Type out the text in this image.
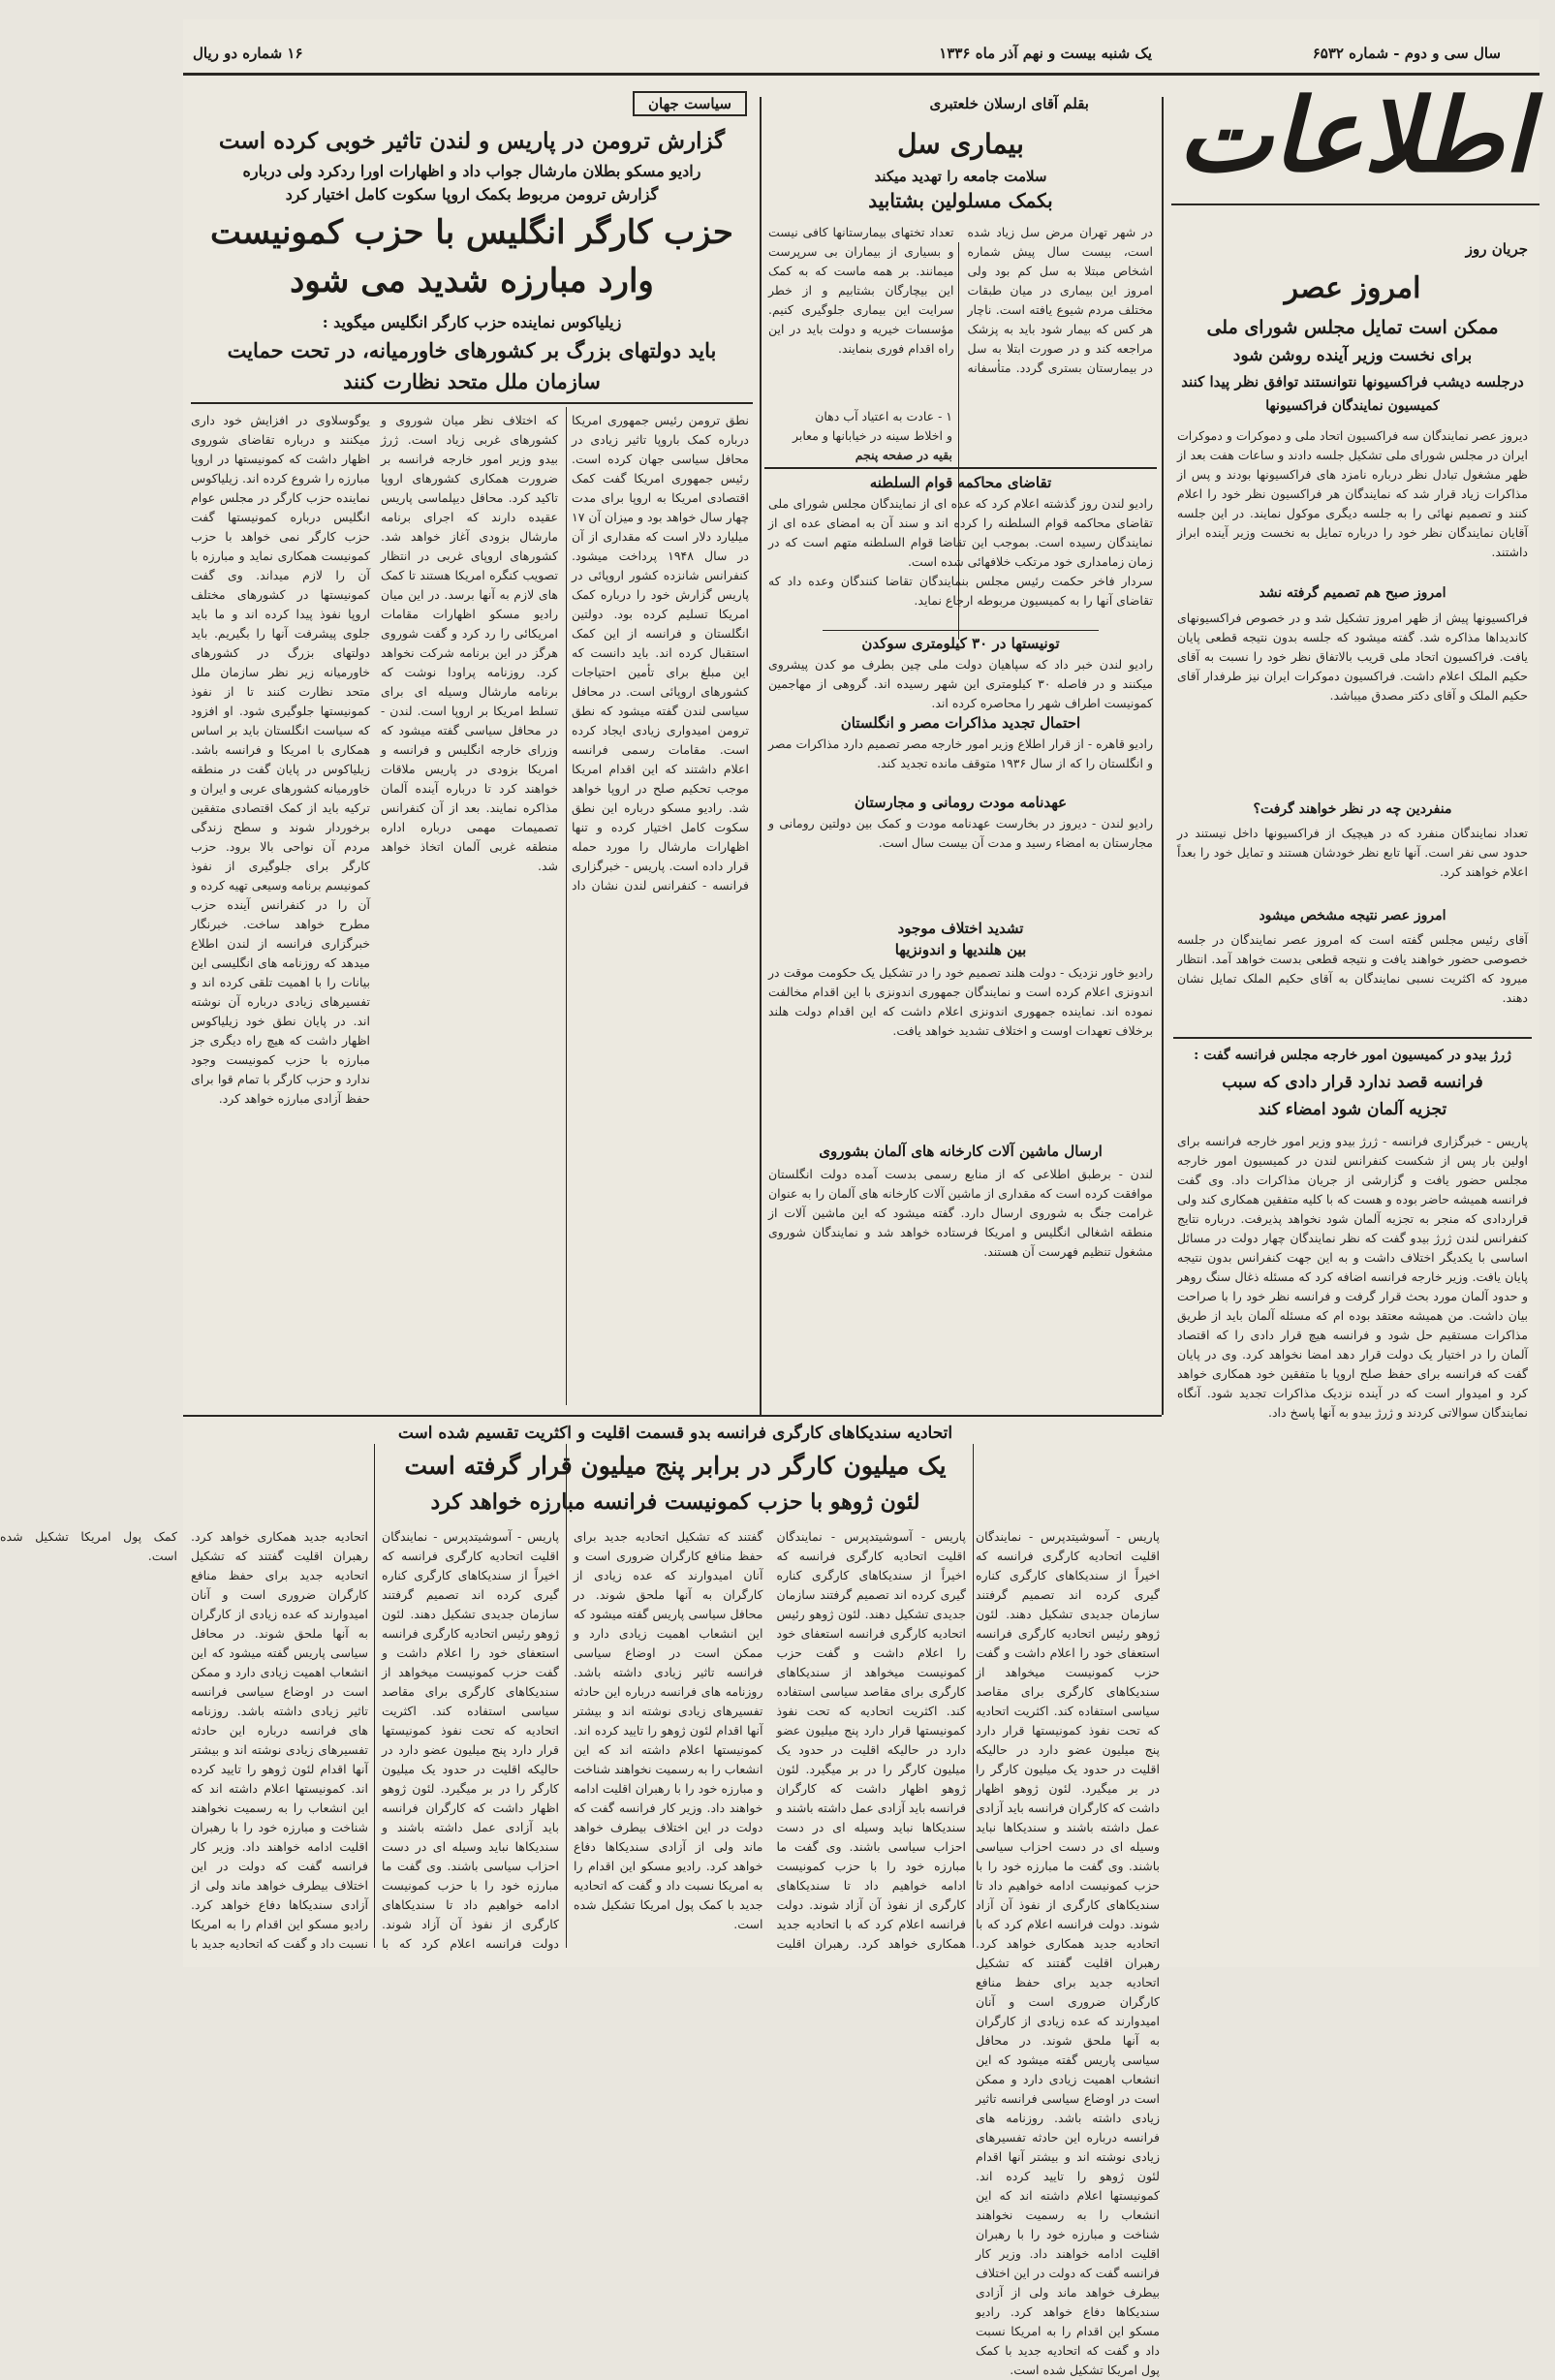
سال سی و دوم - شماره ۶۵۳۲
یک شنبه بیست و نهم آذر ماه ۱۳۳۶
۱۶ شماره دو ریال
اطلاعات
جریان روز
امروز عصر
ممکن است تمایل مجلس شورای ملی
برای نخست وزیر آینده روشن شود
درجلسه دیشب فراکسیونها نتوانستند توافق نظر پیدا کنند
کمیسیون نمایندگان فراکسیونها
دیروز عصر نمایندگان سه فراکسیون اتحاد ملی و دموکرات و دموکرات ایران در مجلس شورای ملی تشکیل جلسه دادند و ساعات هفت بعد از ظهر مشغول تبادل نظر درباره نامزد های فراکسیونها بودند و پس از مذاکرات زیاد قرار شد که نمایندگان هر فراکسیون نظر خود را اعلام کنند و تصمیم نهائی را به جلسه دیگری موکول نمایند. در این جلسه آقایان نمایندگان نظر خود را درباره تمایل به نخست وزیر آینده ابراز داشتند.
امروز صبح هم تصمیم گرفته نشد
فراکسیونها پیش از ظهر امروز تشکیل شد و در خصوص فراکسیونهای کاندیداها مذاکره شد. گفته میشود که جلسه بدون نتیجه قطعی پایان یافت. فراکسیون اتحاد ملی قریب بالاتفاق نظر خود را نسبت به آقای حکیم الملک اعلام داشت. فراکسیون دموکرات ایران نیز طرفدار آقای حکیم الملک و آقای دکتر مصدق میباشد.
منفردین چه در نظر خواهند گرفت؟
تعداد نمایندگان منفرد که در هیچیک از فراکسیونها داخل نیستند در حدود سی نفر است. آنها تابع نظر خودشان هستند و تمایل خود را بعداً اعلام خواهند کرد.
امروز عصر نتیجه مشخص میشود
آقای رئیس مجلس گفته است که امروز عصر نمایندگان در جلسه خصوصی حضور خواهند یافت و نتیجه قطعی بدست خواهد آمد. انتظار میرود که اکثریت نسبی نمایندگان به آقای حکیم الملک تمایل نشان دهند.
ژرژ بیدو در کمیسیون امور خارجه مجلس فرانسه گفت :
فرانسه قصد ندارد قرار دادی که سبب
تجزیه آلمان شود امضاء کند
پاریس - خبرگزاری فرانسه - ژرژ بیدو وزیر امور خارجه فرانسه برای اولین بار پس از شکست کنفرانس لندن در کمیسیون امور خارجه مجلس حضور یافت و گزارشی از جریان مذاکرات داد. وی گفت فرانسه همیشه حاضر بوده و هست که با کلیه متفقین همکاری کند ولی قراردادی که منجر به تجزیه آلمان شود نخواهد پذیرفت. درباره نتایج کنفرانس لندن ژرژ بیدو گفت که نظر نمایندگان چهار دولت در مسائل اساسی با یکدیگر اختلاف داشت و به این جهت کنفرانس بدون نتیجه پایان یافت. وزیر خارجه فرانسه اضافه کرد که مسئله ذغال سنگ روهر و حدود آلمان مورد بحث قرار گرفت و فرانسه نظر خود را با صراحت بیان داشت. من همیشه معتقد بوده ام که مسئله آلمان باید از طریق مذاکرات مستقیم حل شود و فرانسه هیچ قرار دادی را که اقتصاد آلمان را در اختیار یک دولت قرار دهد امضا نخواهد کرد. وی در پایان گفت که فرانسه برای حفظ صلح اروپا با متفقین خود همکاری خواهد کرد و امیدوار است که در آینده نزدیک مذاکرات تجدید شود. آنگاه نمایندگان سوالاتی کردند و ژرژ بیدو به آنها پاسخ داد.
بقلم آقای ارسلان خلعتبری
بیماری سل
سلامت جامعه را تهدید میکند
بکمک مسلولین بشتابید
در شهر تهران مرض سل زیاد شده است، بیست سال پیش شماره اشخاص مبتلا به سل کم بود ولی امروز این بیماری در میان طبقات مختلف مردم شیوع یافته است. ناچار هر کس که بیمار شود باید به پزشک مراجعه کند و در صورت ابتلا به سل در بیمارستان بستری گردد. متأسفانه تعداد تختهای بیمارستانها کافی نیست و بسیاری از بیماران بی سرپرست میمانند. بر همه ماست که به کمک این بیچارگان بشتابیم و از خطر سرایت این بیماری جلوگیری کنیم. مؤسسات خیریه و دولت باید در این راه اقدام فوری بنمایند.
۱ - عادت به اعتیاد آب دهان
و اخلاط سینه در خیابانها و معابر
بقیه در صفحه پنجم
تقاضای محاکمه قوام السلطنه
رادیو لندن روز گذشته اعلام کرد که عده ای از نمایندگان مجلس شورای ملی تقاضای محاکمه قوام السلطنه را کرده اند و سند آن به امضای عده ای از نمایندگان رسیده است. بموجب این تقاضا قوام السلطنه متهم است که در زمان زمامداری خود مرتکب خلافهائی شده است.
سردار فاخر حکمت رئیس مجلس بنمایندگان تقاضا کنندگان وعده داد که تقاضای آنها را به کمیسیون مربوطه ارجاع نماید.
تونیستها در ۳۰ کیلومتری سوکدن
رادیو لندن خبر داد که سپاهیان دولت ملی چین بطرف مو کدن پیشروی میکنند و در فاصله ۳۰ کیلومتری این شهر رسیده اند. گروهی از مهاجمین کمونیست اطراف شهر را محاصره کرده اند.
احتمال تجدید مذاکرات مصر و انگلستان
رادیو قاهره - از قرار اطلاع وزیر امور خارجه مصر تصمیم دارد مذاکرات مصر و انگلستان را که از سال ۱۹۳۶ متوقف مانده تجدید کند.
عهدنامه مودت رومانی و مجارستان
رادیو لندن - دیروز در بخارست عهدنامه مودت و کمک بین دولتین رومانی و مجارستان به امضاء رسید و مدت آن بیست سال است.
تشدید اختلاف موجود
بین هلندیها و اندونزیها
رادیو خاور نزدیک - دولت هلند تصمیم خود را در تشکیل یک حکومت موقت در اندونزی اعلام کرده است و نمایندگان جمهوری اندونزی با این اقدام مخالفت نموده اند. نماینده جمهوری اندونزی اعلام داشت که این اقدام دولت هلند برخلاف تعهدات اوست و اختلاف تشدید خواهد یافت.
ارسال ماشین آلات کارخانه های آلمان بشوروی
لندن - برطبق اطلاعی که از منابع رسمی بدست آمده دولت انگلستان موافقت کرده است که مقداری از ماشین آلات کارخانه های آلمان را به عنوان غرامت جنگ به شوروی ارسال دارد. گفته میشود که این ماشین آلات از منطقه اشغالی انگلیس و امریکا فرستاده خواهد شد و نمایندگان شوروی مشغول تنظیم فهرست آن هستند.
سیاست جهان
گزارش ترومن در پاریس و لندن تاثیر خوبی کرده است
رادیو مسکو بطلان مارشال جواب داد و اظهارات اورا ردکرد ولی درباره
گزارش ترومن مربوط بکمک اروپا سکوت کامل اختیار کرد
حزب کارگر انگلیس با حزب کمونیست
وارد مبارزه شدید می شود
زیلیاکوس نماینده حزب کارگر انگلیس میگوید :
باید دولتهای بزرگ بر کشورهای خاورمیانه، در تحت حمایت
سازمان ملل متحد نظارت کنند
یوگوسلاوی در افزایش خود داری میکنند و درباره تقاضای شوروی اظهار داشت که کمونیستها در اروپا مبارزه را شروع کرده اند. زیلیاکوس نماینده حزب کارگر در مجلس عوام انگلیس درباره کمونیستها گفت حزب کارگر نمی خواهد با حزب کمونیست همکاری نماید و مبارزه با آن را لازم میداند. وی گفت کمونیستها در کشورهای مختلف اروپا نفوذ پیدا کرده اند و ما باید جلوی پیشرفت آنها را بگیریم. باید دولتهای بزرگ در کشورهای خاورمیانه زیر نظر سازمان ملل متحد نظارت کنند تا از نفوذ کمونیستها جلوگیری شود. او افزود که سیاست انگلستان باید بر اساس همکاری با امریکا و فرانسه باشد. زیلیاکوس در پایان گفت در منطقه خاورمیانه کشورهای عربی و ایران و ترکیه باید از کمک اقتصادی متفقین برخوردار شوند و سطح زندگی مردم آن نواحی بالا برود. حزب کارگر برای جلوگیری از نفوذ کمونیسم برنامه وسیعی تهیه کرده و آن را در کنفرانس آینده حزب مطرح خواهد ساخت. خبرنگار خبرگزاری فرانسه از لندن اطلاع میدهد که روزنامه های انگلیسی این بیانات را با اهمیت تلقی کرده اند و تفسیرهای زیادی درباره آن نوشته اند. در پایان نطق خود زیلیاکوس اظهار داشت که هیچ راه دیگری جز مبارزه با حزب کمونیست وجود ندارد و حزب کارگر با تمام قوا برای حفظ آزادی مبارزه خواهد کرد.
نطق ترومن رئیس جمهوری امریکا درباره کمک باروپا تاثیر زیادی در محافل سیاسی جهان کرده است. رئیس جمهوری امریکا گفت کمک اقتصادی امریکا به اروپا برای مدت چهار سال خواهد بود و میزان آن ۱۷ میلیارد دلار است که مقداری از آن در سال ۱۹۴۸ پرداخت میشود. کنفرانس شانزده کشور اروپائی در پاریس گزارش خود را درباره کمک امریکا تسلیم کرده بود. دولتین انگلستان و فرانسه از این کمک استقبال کرده اند. باید دانست که این مبلغ برای تأمین احتیاجات کشورهای اروپائی است. در محافل سیاسی لندن گفته میشود که نطق ترومن امیدواری زیادی ایجاد کرده است. مقامات رسمی فرانسه اعلام داشتند که این اقدام امریکا موجب تحکیم صلح در اروپا خواهد شد. رادیو مسکو درباره این نطق سکوت کامل اختیار کرده و تنها اظهارات مارشال را مورد حمله قرار داده است. پاریس - خبرگزاری فرانسه - کنفرانس لندن نشان داد که اختلاف نظر میان شوروی و کشورهای غربی زیاد است. ژرژ بیدو وزیر امور خارجه فرانسه بر ضرورت همکاری کشورهای اروپا تاکید کرد. محافل دیپلماسی پاریس عقیده دارند که اجرای برنامه مارشال بزودی آغاز خواهد شد. کشورهای اروپای غربی در انتظار تصویب کنگره امریکا هستند تا کمک های لازم به آنها برسد. در این میان رادیو مسکو اظهارات مقامات امریکائی را رد کرد و گفت شوروی هرگز در این برنامه شرکت نخواهد کرد. روزنامه پراودا نوشت که برنامه مارشال وسیله ای برای تسلط امریکا بر اروپا است. لندن - در محافل سیاسی گفته میشود که وزرای خارجه انگلیس و فرانسه و امریکا بزودی در پاریس ملاقات خواهند کرد تا درباره آینده آلمان مذاکره نمایند. بعد از آن کنفرانس تصمیمات مهمی درباره اداره منطقه غربی آلمان اتخاذ خواهد شد.
اتحادیه سندیکاهای کارگری فرانسه بدو قسمت اقلیت و اکثریت تقسیم شده است
یک میلیون کارگر در برابر پنج میلیون قرار گرفته است
لئون ژوهو با حزب کمونیست فرانسه مبارزه خواهد کرد
پاریس - آسوشیتدپرس - نمایندگان اقلیت اتحادیه کارگری فرانسه که اخیراً از سندیکاهای کارگری کناره گیری کرده اند تصمیم گرفتند سازمان جدیدی تشکیل دهند. لئون ژوهو رئیس اتحادیه کارگری فرانسه استعفای خود را اعلام داشت و گفت حزب کمونیست میخواهد از سندیکاهای کارگری برای مقاصد سیاسی استفاده کند. اکثریت اتحادیه که تحت نفوذ کمونیستها قرار دارد پنج میلیون عضو دارد در حالیکه اقلیت در حدود یک میلیون کارگر را در بر میگیرد. لئون ژوهو اظهار داشت که کارگران فرانسه باید آزادی عمل داشته باشند و سندیکاها نباید وسیله ای در دست احزاب سیاسی باشند. وی گفت ما مبارزه خود را با حزب کمونیست ادامه خواهیم داد تا سندیکاهای کارگری از نفوذ آن آزاد شوند. دولت فرانسه اعلام کرد که با اتحادیه جدید همکاری خواهد کرد. رهبران اقلیت گفتند که تشکیل اتحادیه جدید برای حفظ منافع کارگران ضروری است و آنان امیدوارند که عده زیادی از کارگران به آنها ملحق شوند. در محافل سیاسی پاریس گفته میشود که این انشعاب اهمیت زیادی دارد و ممکن است در اوضاع سیاسی فرانسه تاثیر زیادی داشته باشد. روزنامه های فرانسه درباره این حادثه تفسیرهای زیادی نوشته اند و بیشتر آنها اقدام لئون ژوهو را تایید کرده اند. کمونیستها اعلام داشته اند که این انشعاب را به رسمیت نخواهند شناخت و مبارزه خود را با رهبران اقلیت ادامه خواهند داد. وزیر کار فرانسه گفت که دولت در این اختلاف بیطرف خواهد ماند ولی از آزادی سندیکاها دفاع خواهد کرد. رادیو مسکو این اقدام را به امریکا نسبت داد و گفت که اتحادیه جدید با کمک پول امریکا تشکیل شده است.
پاریس - آسوشیتدپرس - نمایندگان اقلیت اتحادیه کارگری فرانسه که اخیراً از سندیکاهای کارگری کناره گیری کرده اند تصمیم گرفتند سازمان جدیدی تشکیل دهند. لئون ژوهو رئیس اتحادیه کارگری فرانسه استعفای خود را اعلام داشت و گفت حزب کمونیست میخواهد از سندیکاهای کارگری برای مقاصد سیاسی استفاده کند. اکثریت اتحادیه که تحت نفوذ کمونیستها قرار دارد پنج میلیون عضو دارد در حالیکه اقلیت در حدود یک میلیون کارگر را در بر میگیرد. لئون ژوهو اظهار داشت که کارگران فرانسه باید آزادی عمل داشته باشند و سندیکاها نباید وسیله ای در دست احزاب سیاسی باشند. وی گفت ما مبارزه خود را با حزب کمونیست ادامه خواهیم داد تا سندیکاهای کارگری از نفوذ آن آزاد شوند. دولت فرانسه اعلام کرد که با اتحادیه جدید همکاری خواهد کرد. رهبران اقلیت گفتند که تشکیل اتحادیه جدید برای حفظ منافع کارگران ضروری است و آنان امیدوارند که عده زیادی از کارگران به آنها ملحق شوند. در محافل سیاسی پاریس گفته میشود که این انشعاب اهمیت زیادی دارد و ممکن است در اوضاع سیاسی فرانسه تاثیر زیادی داشته باشد. روزنامه های فرانسه درباره این حادثه تفسیرهای زیادی نوشته اند و بیشتر آنها اقدام لئون ژوهو را تایید کرده اند. کمونیستها اعلام داشته اند که این انشعاب را به رسمیت نخواهند شناخت و مبارزه خود را با رهبران اقلیت ادامه خواهند داد. وزیر کار فرانسه گفت که دولت در این اختلاف بیطرف خواهد ماند ولی از آزادی سندیکاها دفاع خواهد کرد. رادیو مسکو این اقدام را به امریکا نسبت داد و گفت که اتحادیه جدید با کمک پول امریکا تشکیل شده است.
پاریس - آسوشیتدپرس - نمایندگان اقلیت اتحادیه کارگری فرانسه که اخیراً از سندیکاهای کارگری کناره گیری کرده اند تصمیم گرفتند سازمان جدیدی تشکیل دهند. لئون ژوهو رئیس اتحادیه کارگری فرانسه استعفای خود را اعلام داشت و گفت حزب کمونیست میخواهد از سندیکاهای کارگری برای مقاصد سیاسی استفاده کند. اکثریت اتحادیه که تحت نفوذ کمونیستها قرار دارد پنج میلیون عضو دارد در حالیکه اقلیت در حدود یک میلیون کارگر را در بر میگیرد. لئون ژوهو اظهار داشت که کارگران فرانسه باید آزادی عمل داشته باشند و سندیکاها نباید وسیله ای در دست احزاب سیاسی باشند. وی گفت ما مبارزه خود را با حزب کمونیست ادامه خواهیم داد تا سندیکاهای کارگری از نفوذ آن آزاد شوند. دولت فرانسه اعلام کرد که با اتحادیه جدید همکاری خواهد کرد. رهبران اقلیت گفتند که تشکیل اتحادیه جدید برای حفظ منافع کارگران ضروری است و آنان امیدوارند که عده زیادی از کارگران به آنها ملحق شوند. در محافل سیاسی پاریس گفته میشود که این انشعاب اهمیت زیادی دارد و ممکن است در اوضاع سیاسی فرانسه تاثیر زیادی داشته باشد. روزنامه های فرانسه درباره این حادثه تفسیرهای زیادی نوشته اند و بیشتر آنها اقدام لئون ژوهو را تایید کرده اند. کمونیستها اعلام داشته اند که این انشعاب را به رسمیت نخواهند شناخت و مبارزه خود را با رهبران اقلیت ادامه خواهند داد. وزیر کار فرانسه گفت که دولت در این اختلاف بیطرف خواهد ماند ولی از آزادی سندیکاها دفاع خواهد کرد. رادیو مسکو این اقدام را به امریکا نسبت داد و گفت که اتحادیه جدید با کمک پول امریکا تشکیل شده است.
